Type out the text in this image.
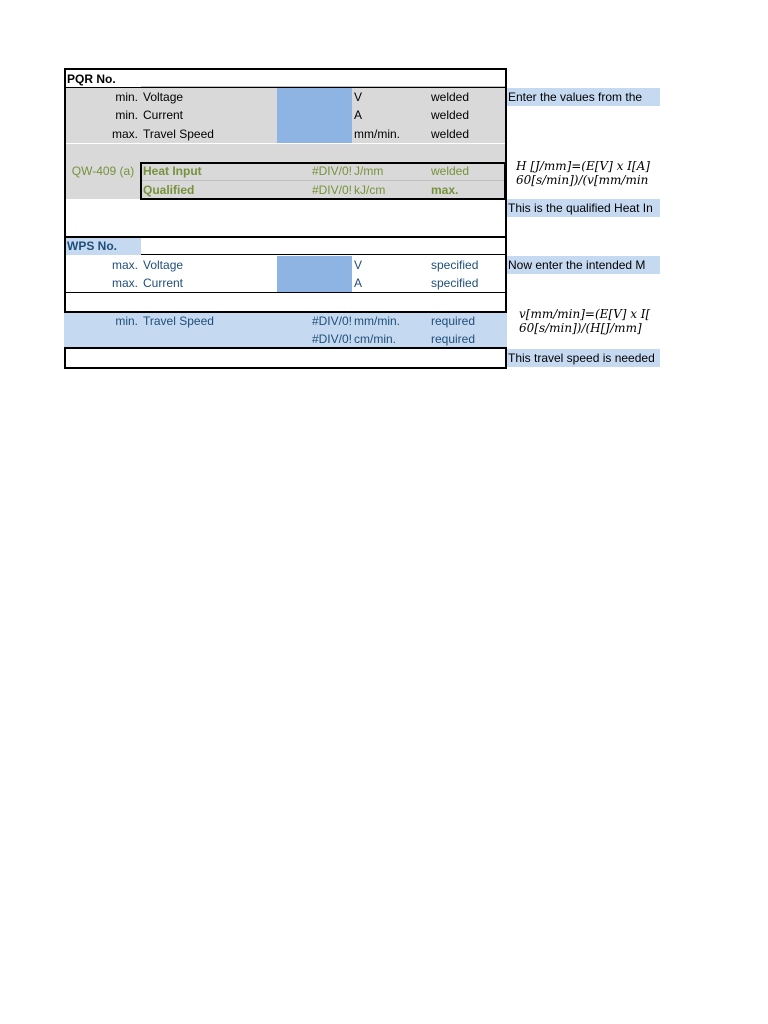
PQR No.
min. Voltage	V	welded
min. Current	A	welded
max. Travel Speed	mm/min.	welded
Enter the values from the
QW-409 (a) Heat Input	#DIV/0! J/mm	welded
Qualified	#DIV/0! kJ/cm	max.
H [J/mm]=(E[V] x I[A]
60[s/min])/(v[mm/min
This is the qualified Heat In
WPS No.
max. Voltage	V	specified
max. Current	A	specified
Now enter the intended M
min. Travel Speed	#DIV/0! mm/min.	required
#DIV/0! cm/min.	required
v[mm/min]=(E[V] x I[
60[s/min])/(H[J/mm]
This travel speed is needed
